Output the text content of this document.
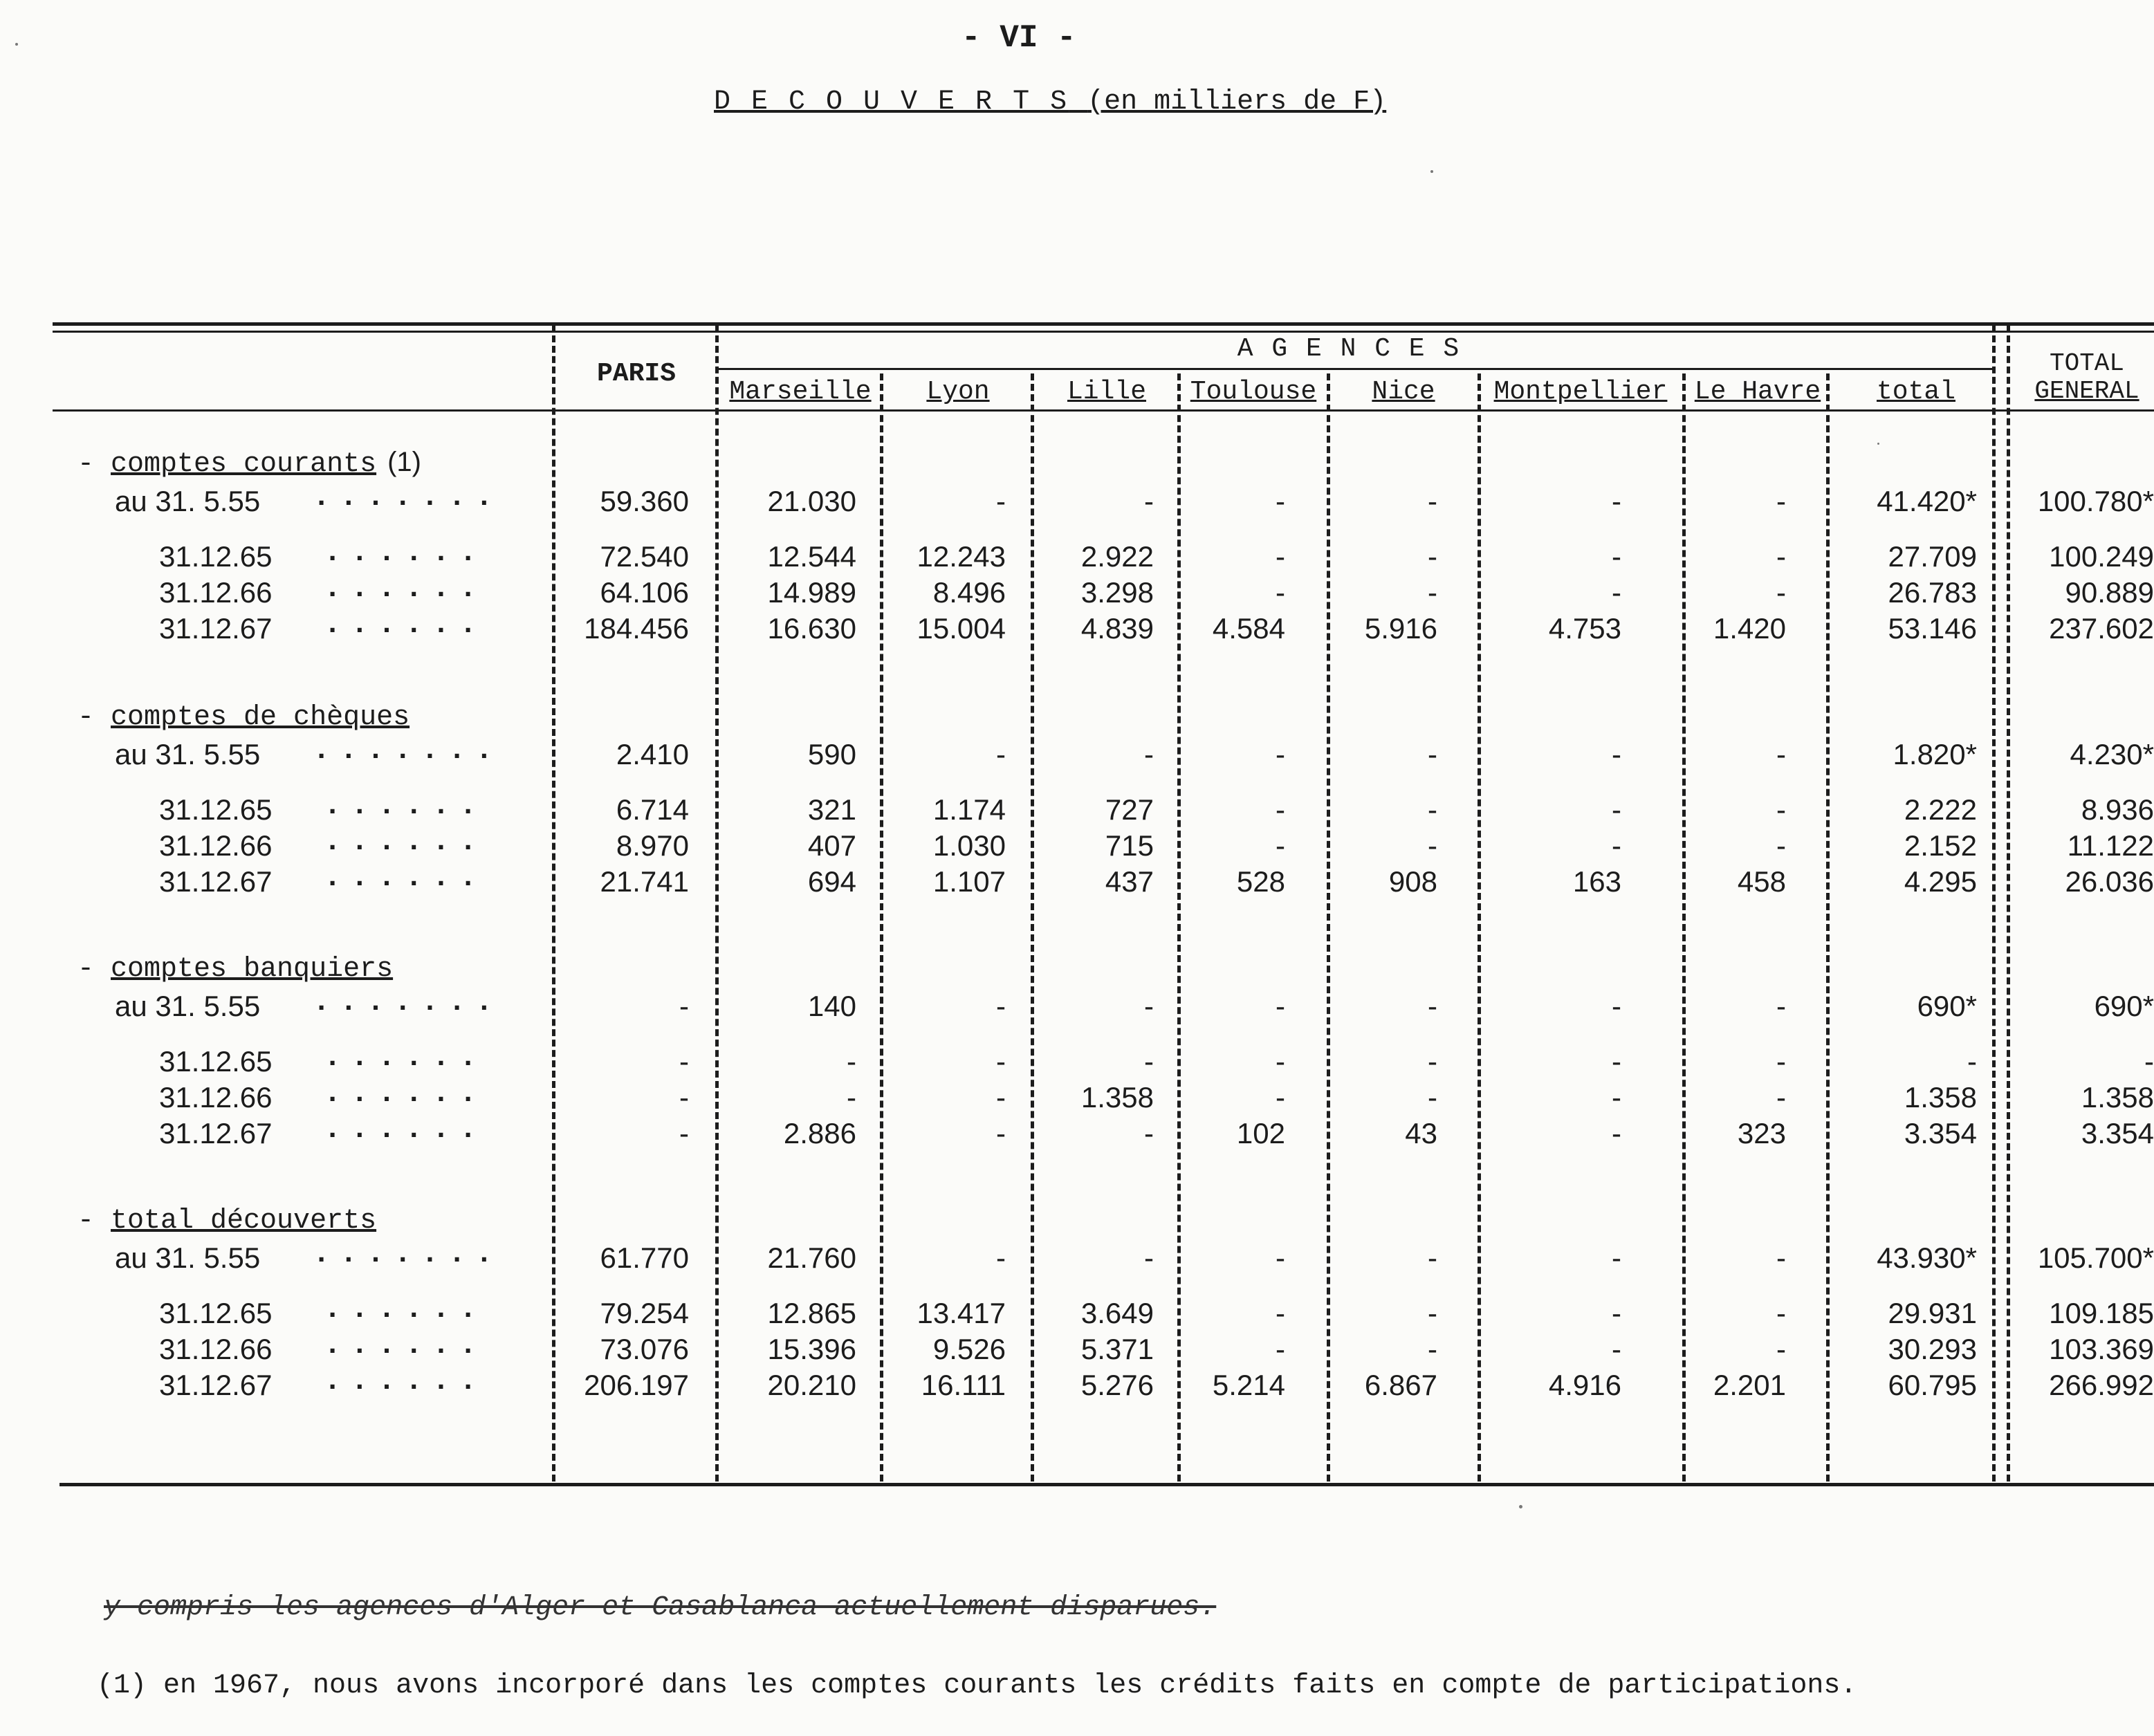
- VI -
D E C O U V E R T S (en milliers de F)
PARIS
A G E N C E S
Marseille	Lyon	Lille	Toulouse	Nice	Montpellier	Le Havre	total
TOTAL
GENERAL
- comptes courants (1)
au 31. 5.55 .......	59.360	21.030	-	-	-	-	-	-	41.420*	100.780*
31.12.65 ......	72.540	12.544	12.243	2.922	-	-	-	-	27.709	100.249
31.12.66 ......	64.106	14.989	8.496	3.298	-	-	-	-	26.783	90.889
31.12.67 ......	184.456	16.630	15.004	4.839	4.584	5.916	4.753	1.420	53.146	237.602
- comptes de chèques
au 31. 5.55 .......	2.410	590	-	-	-	-	-	-	1.820*	4.230*
31.12.65 ......	6.714	321	1.174	727	-	-	-	-	2.222	8.936
31.12.66 ......	8.970	407	1.030	715	-	-	-	-	2.152	11.122
31.12.67 ......	21.741	694	1.107	437	528	908	163	458	4.295	26.036
- comptes banquiers
au 31. 5.55 .......	-	140	-	-	-	-	-	-	690*	690*
31.12.65 ......	-	-	-	-	-	-	-	-	-	-
31.12.66 ......	-	-	-	1.358	-	-	-	-	1.358	1.358
31.12.67 ......	-	2.886	-	-	102	43	-	323	3.354	3.354
- total découverts
au 31. 5.55 .......	61.770	21.760	-	-	-	-	-	-	43.930*	105.700*
31.12.65 ......	79.254	12.865	13.417	3.649	-	-	-	-	29.931	109.185
31.12.66 ......	73.076	15.396	9.526	5.371	-	-	-	-	30.293	103.369
31.12.67 ......	206.197	20.210	16.111	5.276	5.214	6.867	4.916	2.201	60.795	266.992
y compris les agences d'Alger et Casablanca actuellement disparues.
(1) en 1967, nous avons incorporé dans les comptes courants les crédits faits en compte de participations.
